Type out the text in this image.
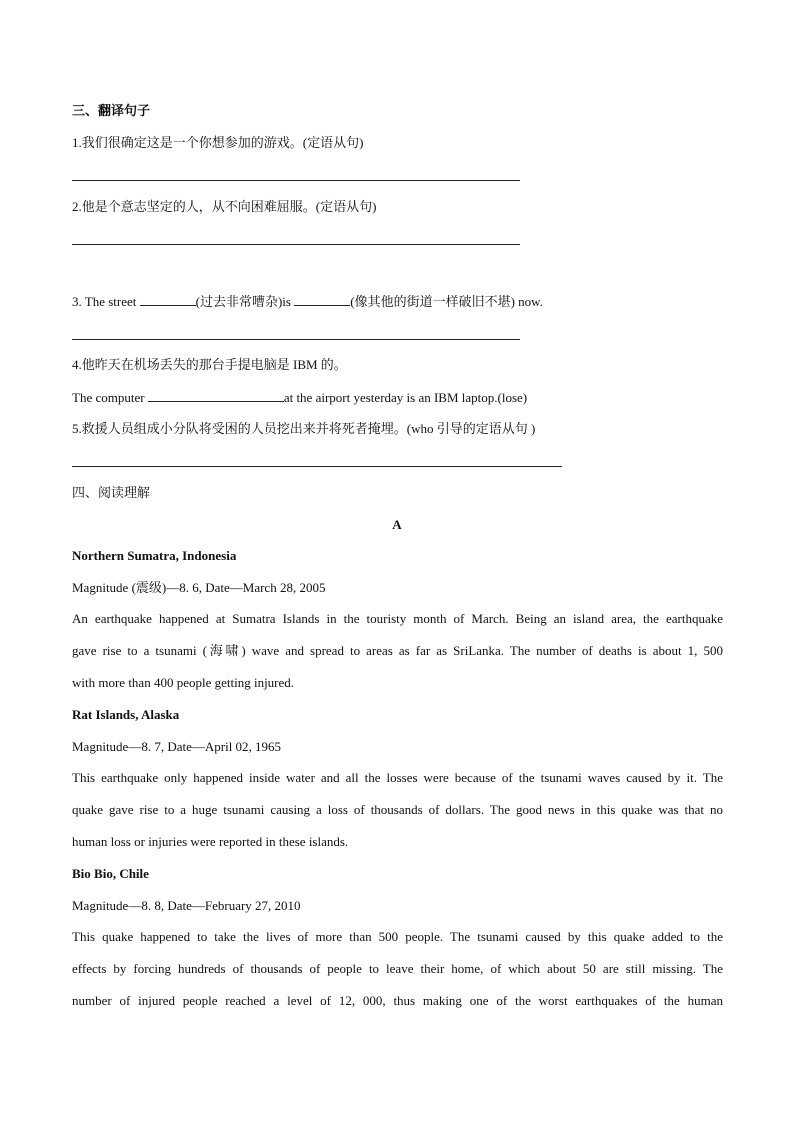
三、翻译句子
1.我们很确定这是一个你想参加的游戏。(定语从句)
2.他是个意志坚定的人，从不向困难屈服。(定语从句)
3. The street	(过去非常嘈杂)is	(像其他的街道一样破旧不堪) now.
4.他昨天在机场丢失的那台手提电脑是 IBM 的。
The computer	at the airport yesterday is an IBM laptop.(lose)
5.救援人员组成小分队将受困的人员挖出来并将死者掩埋。(who 引导的定语从句 )
四、阅读理解
A
Northern Sumatra, Indonesia
Magnitude (震级)—8. 6, Date—March 28, 2005
An earthquake happened at Sumatra Islands in the touristy month of March. Being an island area, the earthquake
gave rise to a tsunami (海啸) wave and spread to areas as far as SriLanka. The number of deaths is about 1, 500
with more than 400 people getting injured.
Rat Islands, Alaska
Magnitude—8. 7, Date—April 02, 1965
This earthquake only happened inside water and all the losses were because of the tsunami waves caused by it. The
quake gave rise to a huge tsunami causing a loss of thousands of dollars. The good news in this quake was that no
human loss or injuries were reported in these islands.
Bio Bio, Chile
Magnitude—8. 8, Date—February 27, 2010
This quake happened to take the lives of more than 500 people. The tsunami caused by this quake added to the
effects by forcing hundreds of thousands of people to leave their home, of which about 50 are still missing. The
number of injured people reached a level of 12, 000, thus making one of the worst earthquakes of the human
